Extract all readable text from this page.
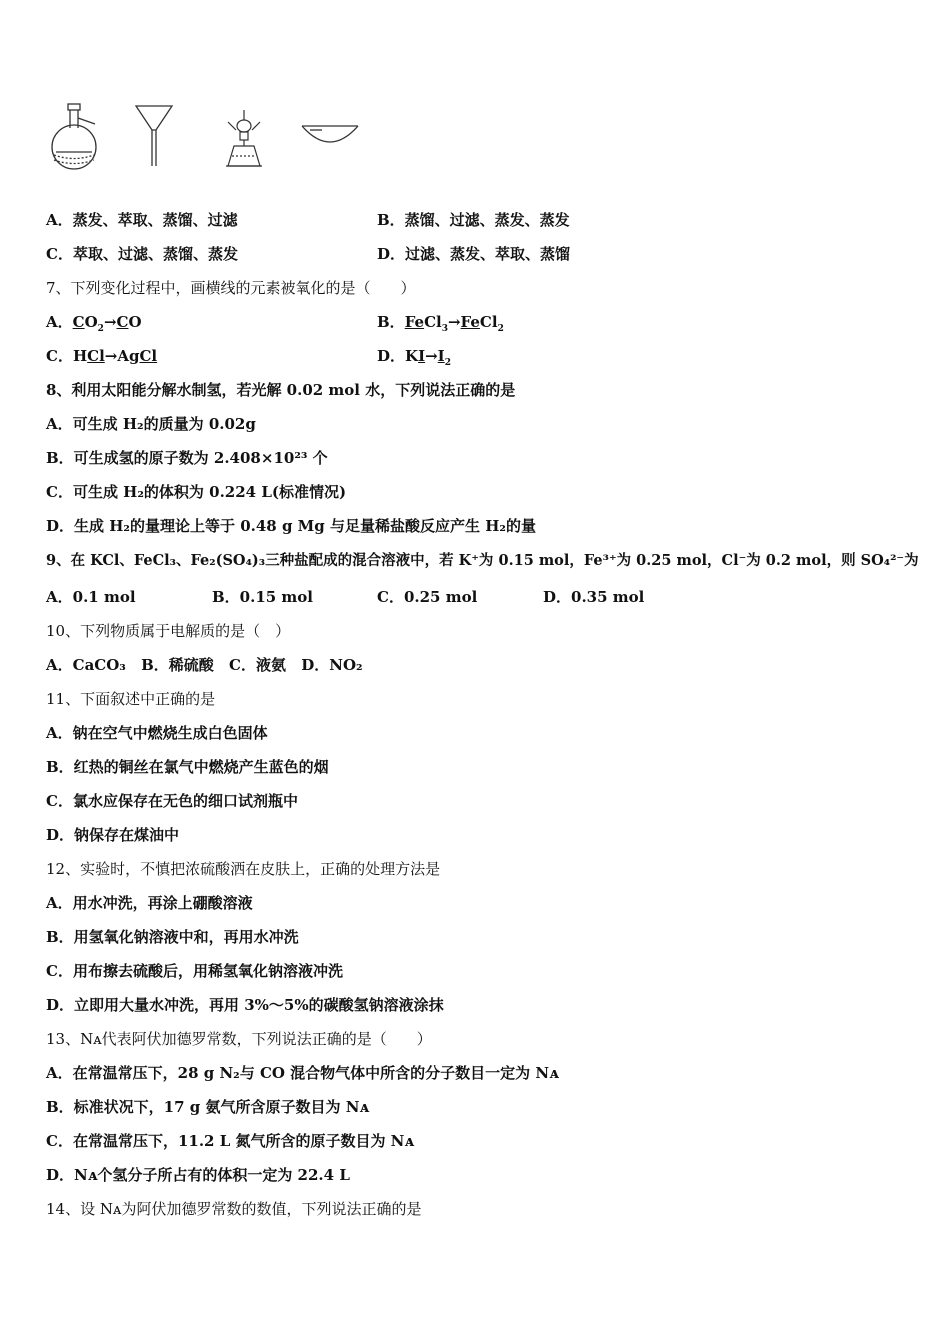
A．蒸发、萃取、蒸馏、过滤	B．蒸馏、过滤、蒸发、蒸发
C．萃取、过滤、蒸馏、蒸发	D．过滤、蒸发、萃取、蒸馏
7、下列变化过程中，画横线的元素被氧化的是（　　）
A．$CO_2\to CO$	B．FeCl$_3$→FeCl$_2$
C．HCl→AgCl	D．$KI\to I_2$
8、利用太阳能分解水制氢，若光解 0.02 mol 水，下列说法正确的是
A．可生成 H₂的质量为 0.02g
B．可生成氢的原子数为 2.408×10²³ 个
C．可生成 H₂的体积为 0.224 L(标准情况)
D．生成 H₂的量理论上等于 0.48 g Mg 与足量稀盐酸反应产生 H₂的量
9、在 KCl、FeCl₃、Fe₂(SO₄)₃三种盐配成的混合溶液中，若 K⁺为 0.15 mol，Fe³⁺为 0.25 mol，Cl⁻为 0.2 mol，则 SO₄²⁻为
A．0.1 mol	B．0.15 mol	C．0.25 mol	D．0.35 mol
10、下列物质属于电解质的是（　）
A．CaCO₃ B．稀硫酸 C．液氨 D．NO₂
11、下面叙述中正确的是
A．钠在空气中燃烧生成白色固体
B．红热的铜丝在氯气中燃烧产生蓝色的烟
C．氯水应保存在无色的细口试剂瓶中
D．钠保存在煤油中
12、实验时，不慎把浓硫酸洒在皮肤上，正确的处理方法是
A．用水冲洗，再涂上硼酸溶液
B．用氢氧化钠溶液中和，再用水冲洗
C．用布擦去硫酸后，用稀氢氧化钠溶液冲洗
D．立即用大量水冲洗，再用 3%～5%的碳酸氢钠溶液涂抹
13、Nᴀ代表阿伏加德罗常数，下列说法正确的是（　　）
A．在常温常压下，28 g N₂与 CO 混合物气体中所含的分子数目一定为 Nᴀ
B．标准状况下，17 g 氨气所含原子数目为 Nᴀ
C．在常温常压下，11.2 L 氮气所含的原子数目为 Nᴀ
D．Nᴀ个氢分子所占有的体积一定为 22.4 L
14、设 Nᴀ为阿伏加德罗常数的数值，下列说法正确的是
